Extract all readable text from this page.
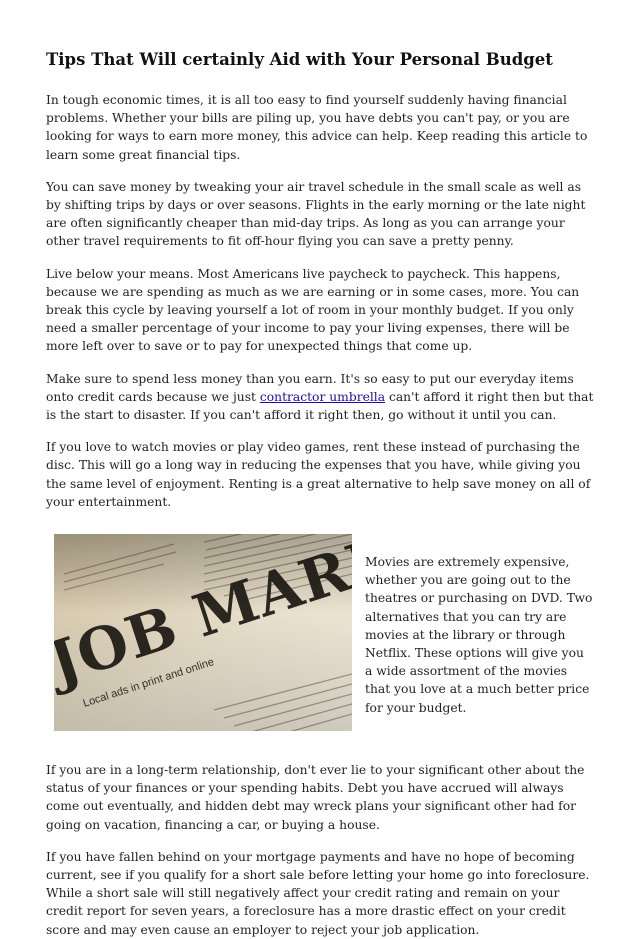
Tips That Will certainly Aid with Your Personal Budget

In tough economic times, it is all too easy to find yourself suddenly having financial problems. Whether your bills are piling up, you have debts you can't pay, or you are looking for ways to earn more money, this advice can help. Keep reading this article to learn some great financial tips.

You can save money by tweaking your air travel schedule in the small scale as well as by shifting trips by days or over seasons. Flights in the early morning or the late night are often significantly cheaper than mid-day trips. As long as you can arrange your other travel requirements to fit off-hour flying you can save a pretty penny.

Live below your means. Most Americans live paycheck to paycheck. This happens, because we are spending as much as we are earning or in some cases, more. You can break this cycle by leaving yourself a lot of room in your monthly budget. If you only need a smaller percentage of your income to pay your living expenses, there will be more left over to save or to pay for unexpected things that come up.

Make sure to spend less money than you earn. It's so easy to put our everyday items onto credit cards because we just contractor umbrella can't afford it right then but that is the start to disaster. If you can't afford it right then, go without it until you can.

If you love to watch movies or play video games, rent these instead of purchasing the disc. This will go a long way in reducing the expenses that you have, while giving you the same level of enjoyment. Renting is a great alternative to help save money on all of your entertainment.

Movies are extremely expensive, whether you are going out to the theatres or purchasing on DVD. Two alternatives that you can try are movies at the library or through Netflix. These options will give you a wide assortment of the movies that you love at a much better price for your budget.

If you are in a long-term relationship, don't ever lie to your significant other about the status of your finances or your spending habits. Debt you have accrued will always come out eventually, and hidden debt may wreck plans your significant other had for going on vacation, financing a car, or buying a house.

If you have fallen behind on your mortgage payments and have no hope of becoming current, see if you qualify for a short sale before letting your home go into foreclosure. While a short sale will still negatively affect your credit rating and remain on your credit report for seven years, a foreclosure has a more drastic effect on your credit score and may even cause an employer to reject your job application.
